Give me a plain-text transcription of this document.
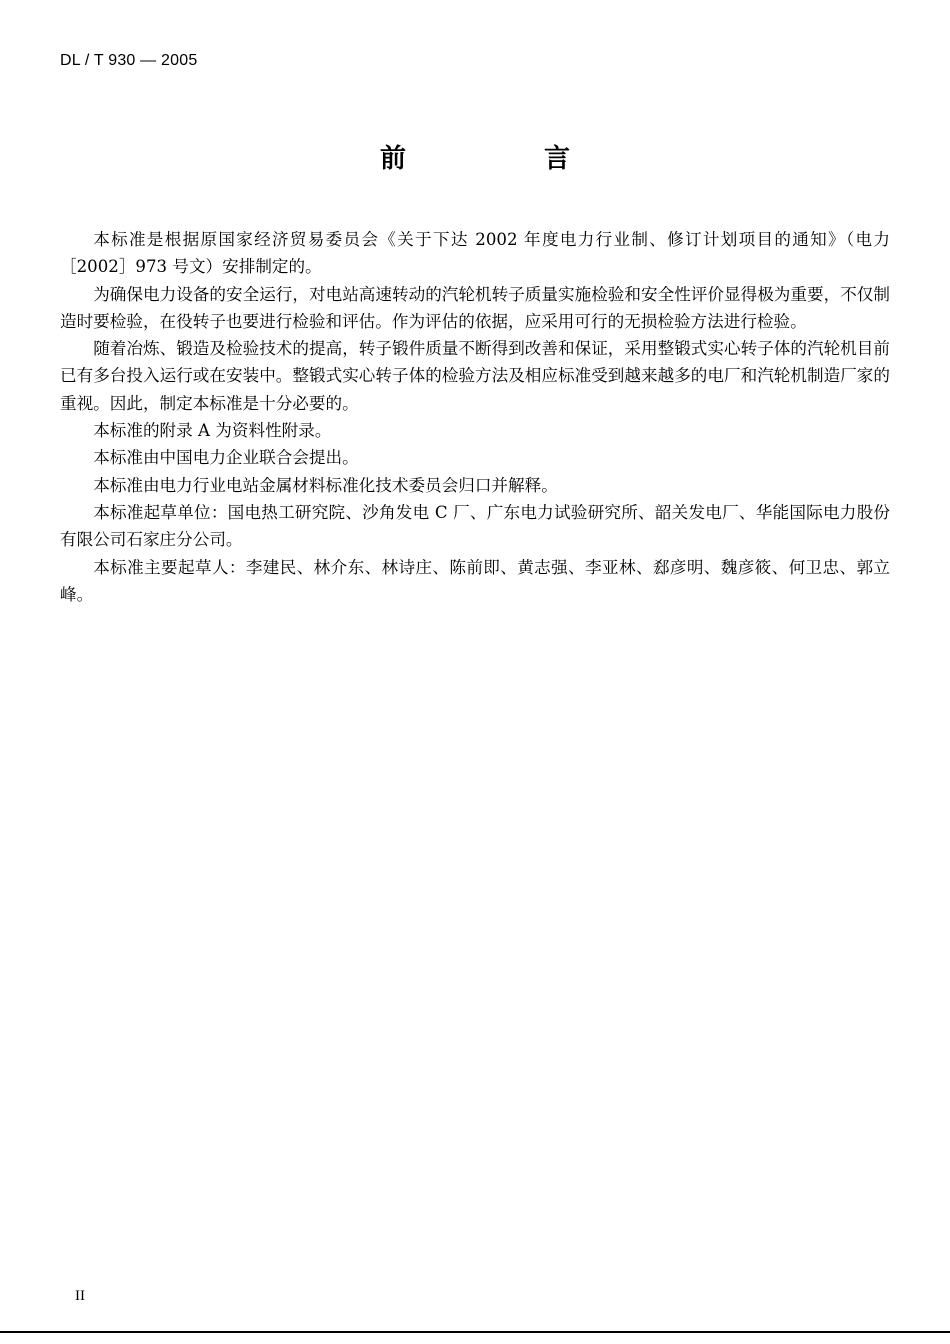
DL / T 930 — 2005
前　言

本标准是根据原国家经济贸易委员会《关于下达 2002 年度电力行业制、修订计划项目的通知》（电力［2002］973 号文）安排制定的。

为确保电力设备的安全运行，对电站高速转动的汽轮机转子质量实施检验和安全性评价显得极为重要，不仅制造时要检验，在役转子也要进行检验和评估。作为评估的依据，应采用可行的无损检验方法进行检验。

随着冶炼、锻造及检验技术的提高，转子锻件质量不断得到改善和保证，采用整锻式实心转子体的汽轮机目前已有多台投入运行或在安装中。整锻式实心转子体的检验方法及相应标准受到越来越多的电厂和汽轮机制造厂家的重视。因此，制定本标准是十分必要的。

本标准的附录 A 为资料性附录。

本标准由中国电力企业联合会提出。

本标准由电力行业电站金属材料标准化技术委员会归口并解释。

本标准起草单位：国电热工研究院、沙角发电 C 厂、广东电力试验研究所、韶关发电厂、华能国际电力股份有限公司石家庄分公司。

本标准主要起草人：李建民、林介东、林诗庄、陈前即、黄志强、李亚林、郄彦明、魏彦筱、何卫忠、郭立峰。

II
